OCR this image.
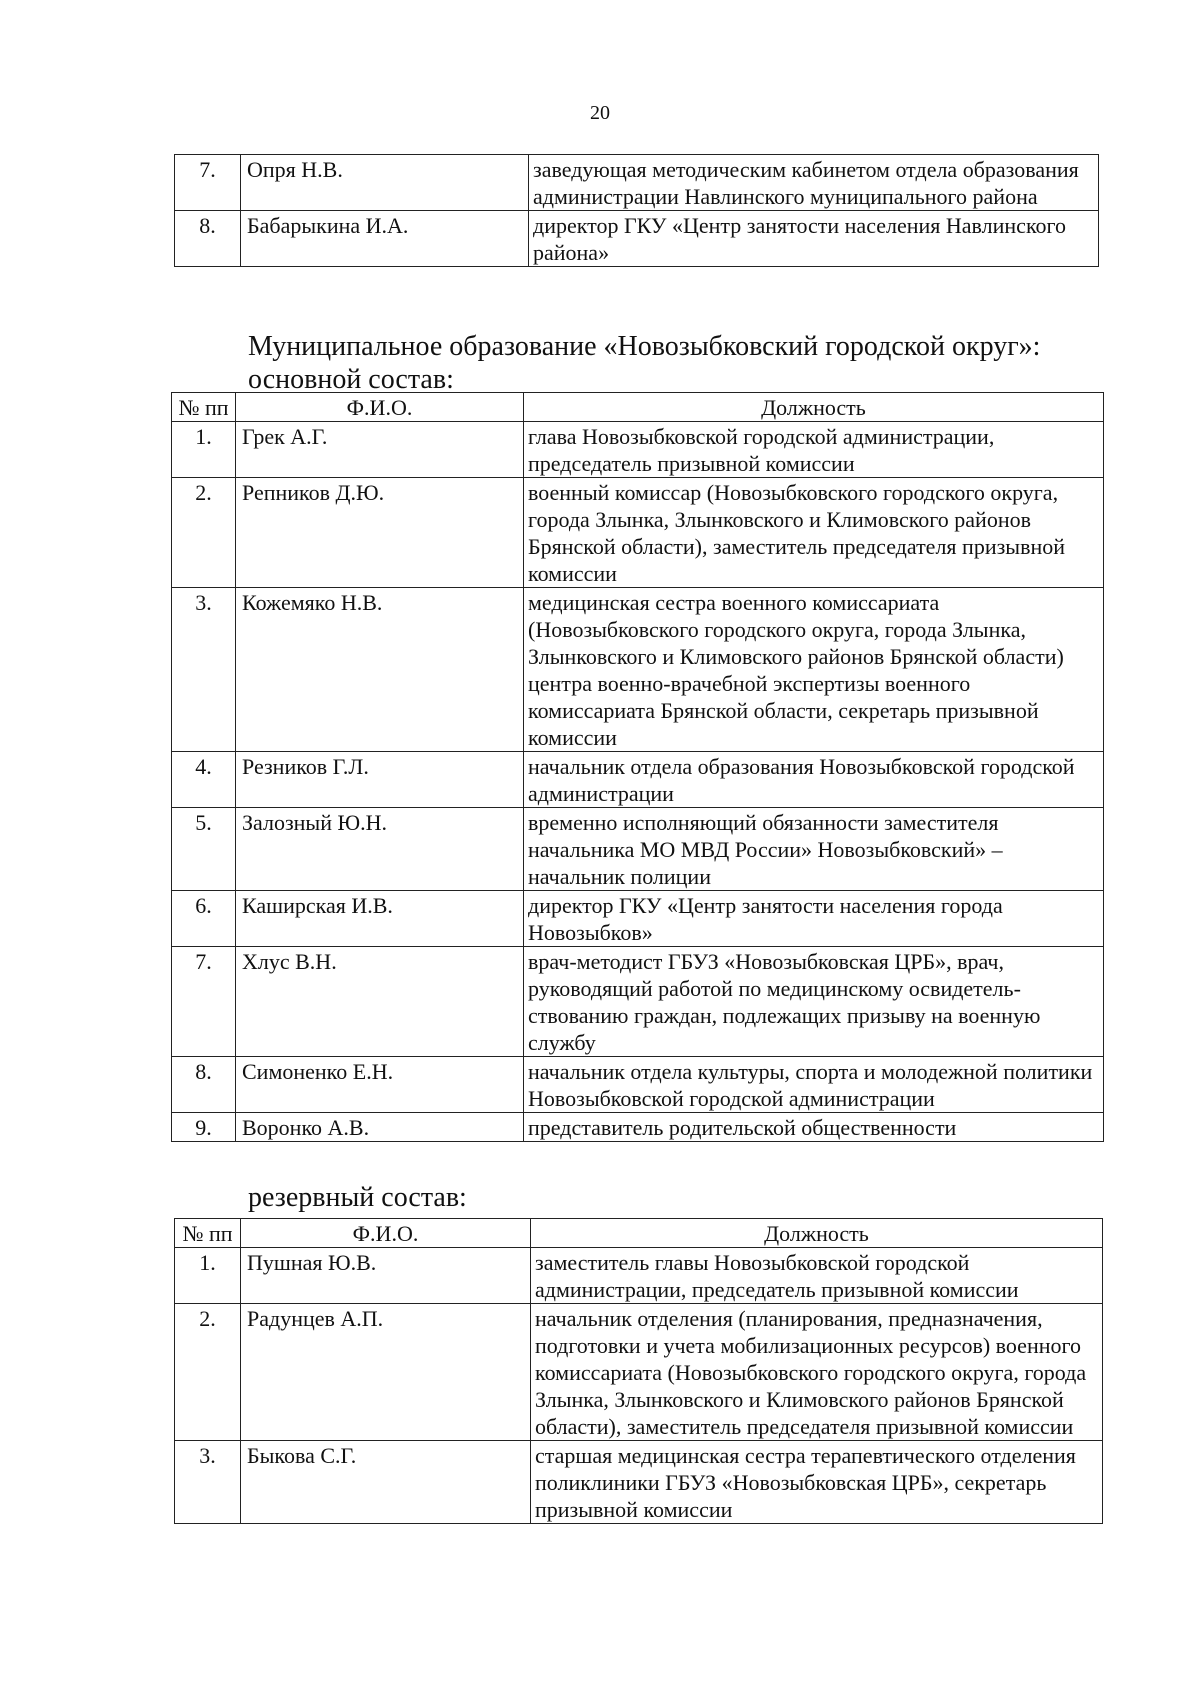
20
7.	Опря Н.В.	заведующая методическим кабинетом отдела образования администрации Навлинского муниципального района
8.	Бабарыкина И.А.	директор ГКУ «Центр занятости населения Навлинского района»
Муниципальное образование «Новозыбковский городской округ»:
основной состав:
№ пп	Ф.И.О.	Должность
1.	Грек А.Г.	глава Новозыбковской городской администрации, председатель призывной комиссии
2.	Репников Д.Ю.	военный комиссар (Новозыбковского городского округа, города Злынка, Злынковского и Климовского районов Брянской области), заместитель председателя призывной комиссии
3.	Кожемяко Н.В.	медицинская сестра военного комиссариата (Новозыбковского городского округа, города Злынка, Злынковского и Климовского районов Брянской области) центра военно-врачебной экспертизы военного комиссариата Брянской области, секретарь призывной комиссии
4.	Резников Г.Л.	начальник отдела образования Новозыбковской городской администрации
5.	Залозный Ю.Н.	временно исполняющий обязанности заместителя начальника МО МВД России» Новозыбковский» – начальник полиции
6.	Каширская И.В.	директор ГКУ «Центр занятости населения города Новозыбков»
7.	Хлус В.Н.	врач-методист ГБУЗ «Новозыбковская ЦРБ», врач, руководящий работой по медицинскому освидетельствованию граждан, подлежащих призыву на военную службу
8.	Симоненко Е.Н.	начальник отдела культуры, спорта и молодежной политики Новозыбковской городской администрации
9.	Воронко А.В.	представитель родительской общественности
резервный состав:
№ пп	Ф.И.О.	Должность
1.	Пушная Ю.В.	заместитель главы Новозыбковской городской администрации, председатель призывной комиссии
2.	Радунцев А.П.	начальник отделения (планирования, предназначения, подготовки и учета мобилизационных ресурсов) военного комиссариата (Новозыбковского городского округа, города Злынка, Злынковского и Климовского районов Брянской области), заместитель председателя призывной комиссии
3.	Быкова С.Г.	старшая медицинская сестра терапевтического отделения поликлиники ГБУЗ «Новозыбковская ЦРБ», секретарь призывной комиссии
